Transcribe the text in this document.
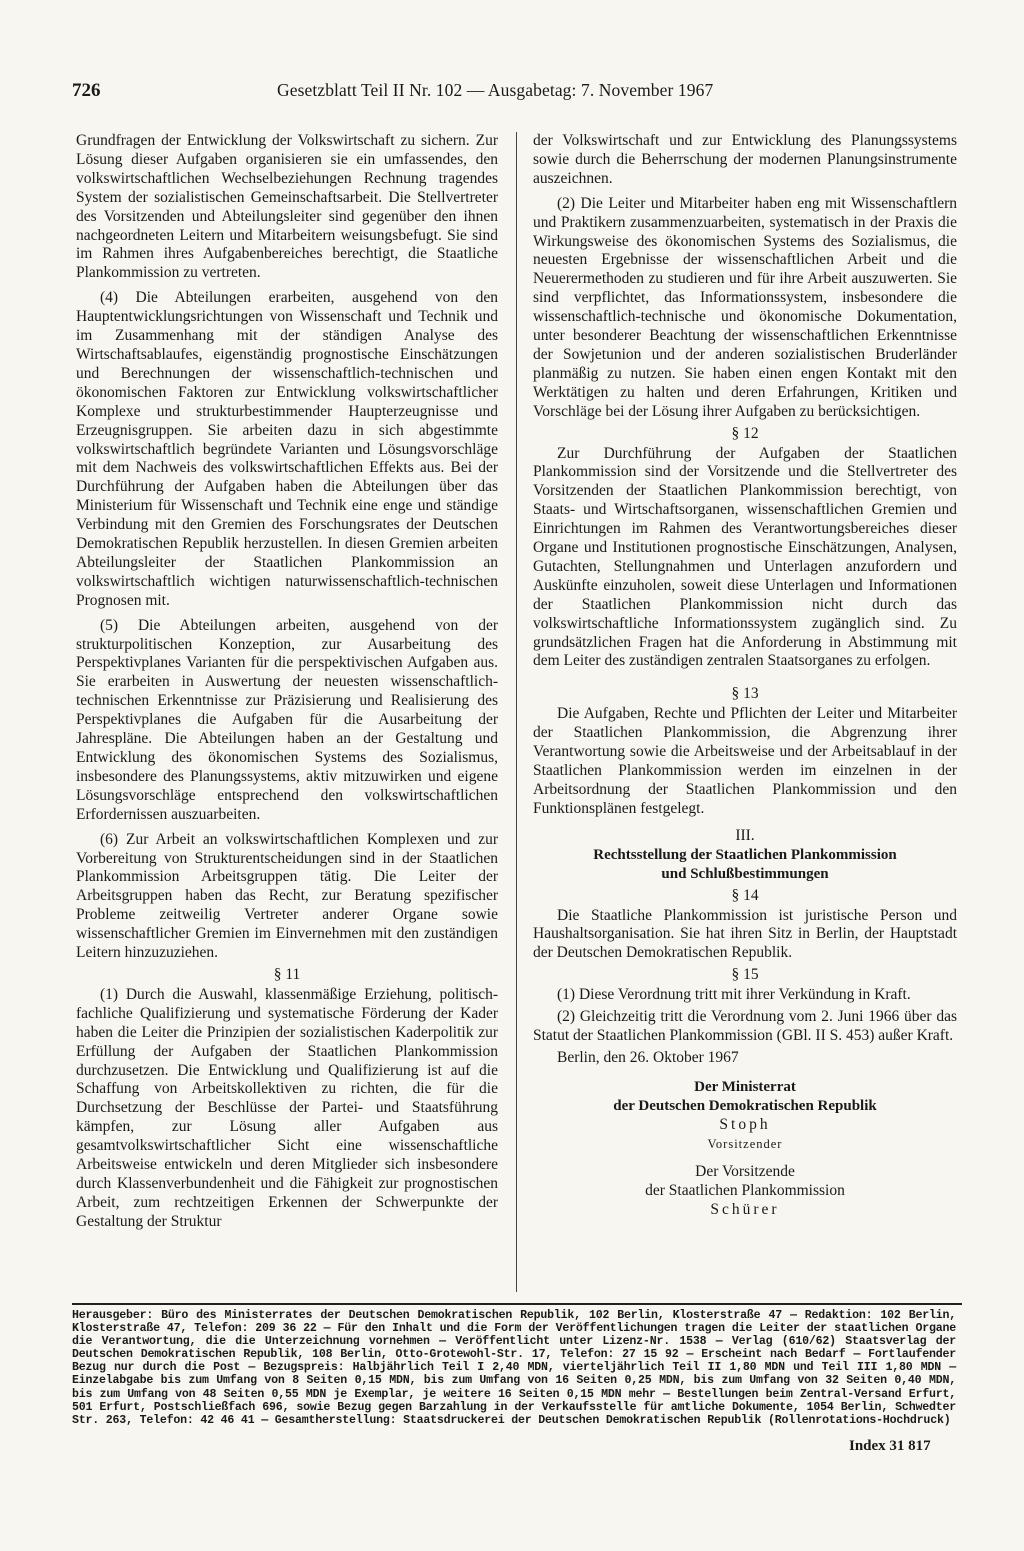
726	Gesetzblatt Teil II Nr. 102 — Ausgabetag: 7. November 1967

Grundfragen der Entwicklung der Volkswirtschaft zu sichern. Zur Lösung dieser Aufgaben organisieren sie ein umfassendes, den volkswirtschaftlichen Wechselbeziehungen Rechnung tragendes System der sozialistischen Gemeinschaftsarbeit. Die Stellvertreter des Vorsitzenden und Abteilungsleiter sind gegenüber den ihnen nachgeordneten Leitern und Mitarbeitern weisungsbefugt. Sie sind im Rahmen ihres Aufgabenbereiches berechtigt, die Staatliche Plankommission zu vertreten.

(4) Die Abteilungen erarbeiten, ausgehend von den Hauptentwicklungsrichtungen von Wissenschaft und Technik und im Zusammenhang mit der ständigen Analyse des Wirtschaftsablaufes, eigenständig prognostische Einschätzungen und Berechnungen der wissenschaftlich-technischen und ökonomischen Faktoren zur Entwicklung volkswirtschaftlicher Komplexe und strukturbestimmender Haupterzeugnisse und Erzeugnisgruppen. Sie arbeiten dazu in sich abgestimmte volkswirtschaftlich begründete Varianten und Lösungsvorschläge mit dem Nachweis des volkswirtschaftlichen Effekts aus. Bei der Durchführung der Aufgaben haben die Abteilungen über das Ministerium für Wissenschaft und Technik eine enge und ständige Verbindung mit den Gremien des Forschungsrates der Deutschen Demokratischen Republik herzustellen. In diesen Gremien arbeiten Abteilungsleiter der Staatlichen Plankommission an volkswirtschaftlich wichtigen naturwissenschaftlich-technischen Prognosen mit.

(5) Die Abteilungen arbeiten, ausgehend von der strukturpolitischen Konzeption, zur Ausarbeitung des Perspektivplanes Varianten für die perspektivischen Aufgaben aus. Sie erarbeiten in Auswertung der neuesten wissenschaftlich-technischen Erkenntnisse zur Präzisierung und Realisierung des Perspektivplanes die Aufgaben für die Ausarbeitung der Jahrespläne. Die Abteilungen haben an der Gestaltung und Entwicklung des ökonomischen Systems des Sozialismus, insbesondere des Planungssystems, aktiv mitzuwirken und eigene Lösungsvorschläge entsprechend den volkswirtschaftlichen Erfordernissen auszuarbeiten.

(6) Zur Arbeit an volkswirtschaftlichen Komplexen und zur Vorbereitung von Strukturentscheidungen sind in der Staatlichen Plankommission Arbeitsgruppen tätig. Die Leiter der Arbeitsgruppen haben das Recht, zur Beratung spezifischer Probleme zeitweilig Vertreter anderer Organe sowie wissenschaftlicher Gremien im Einvernehmen mit den zuständigen Leitern hinzuzuziehen.

§ 11

(1) Durch die Auswahl, klassenmäßige Erziehung, politisch-fachliche Qualifizierung und systematische Förderung der Kader haben die Leiter die Prinzipien der sozialistischen Kaderpolitik zur Erfüllung der Aufgaben der Staatlichen Plankommission durchzusetzen. Die Entwicklung und Qualifizierung ist auf die Schaffung von Arbeitskollektiven zu richten, die für die Durchsetzung der Beschlüsse der Partei- und Staatsführung kämpfen, zur Lösung aller Aufgaben aus gesamtvolkswirtschaftlicher Sicht eine wissenschaftliche Arbeitsweise entwickeln und deren Mitglieder sich insbesondere durch Klassenverbundenheit und die Fähigkeit zur prognostischen Arbeit, zum rechtzeitigen Erkennen der Schwerpunkte der Gestaltung der Struktur

der Volkswirtschaft und zur Entwicklung des Planungssystems sowie durch die Beherrschung der modernen Planungsinstrumente auszeichnen.

(2) Die Leiter und Mitarbeiter haben eng mit Wissenschaftlern und Praktikern zusammenzuarbeiten, systematisch in der Praxis die Wirkungsweise des ökonomischen Systems des Sozialismus, die neuesten Ergebnisse der wissenschaftlichen Arbeit und die Neuerermethoden zu studieren und für ihre Arbeit auszuwerten. Sie sind verpflichtet, das Informationssystem, insbesondere die wissenschaftlich-technische und ökonomische Dokumentation, unter besonderer Beachtung der wissenschaftlichen Erkenntnisse der Sowjetunion und der anderen sozialistischen Bruderländer planmäßig zu nutzen. Sie haben einen engen Kontakt mit den Werktätigen zu halten und deren Erfahrungen, Kritiken und Vorschläge bei der Lösung ihrer Aufgaben zu berücksichtigen.

§ 12

Zur Durchführung der Aufgaben der Staatlichen Plankommission sind der Vorsitzende und die Stellvertreter des Vorsitzenden der Staatlichen Plankommission berechtigt, von Staats- und Wirtschaftsorganen, wissenschaftlichen Gremien und Einrichtungen im Rahmen des Verantwortungsbereiches dieser Organe und Institutionen prognostische Einschätzungen, Analysen, Gutachten, Stellungnahmen und Unterlagen anzufordern und Auskünfte einzuholen, soweit diese Unterlagen und Informationen der Staatlichen Plankommission nicht durch das volkswirtschaftliche Informationssystem zugänglich sind. Zu grundsätzlichen Fragen hat die Anforderung in Abstimmung mit dem Leiter des zuständigen zentralen Staatsorganes zu erfolgen.

§ 13

Die Aufgaben, Rechte und Pflichten der Leiter und Mitarbeiter der Staatlichen Plankommission, die Abgrenzung ihrer Verantwortung sowie die Arbeitsweise und der Arbeitsablauf in der Staatlichen Plankommission werden im einzelnen in der Arbeitsordnung der Staatlichen Plankommission und den Funktionsplänen festgelegt.

III.
Rechtsstellung der Staatlichen Plankommission
und Schlußbestimmungen
§ 14

Die Staatliche Plankommission ist juristische Person und Haushaltsorganisation. Sie hat ihren Sitz in Berlin, der Hauptstadt der Deutschen Demokratischen Republik.

§ 15

(1) Diese Verordnung tritt mit ihrer Verkündung in Kraft.

(2) Gleichzeitig tritt die Verordnung vom 2. Juni 1966 über das Statut der Staatlichen Plankommission (GBl. II S. 453) außer Kraft.

Berlin, den 26. Oktober 1967

Der Ministerrat
der Deutschen Demokratischen Republik
Stoph
Vorsitzender
Der Vorsitzende
der Staatlichen Plankommission
Schürer
Herausgeber: Büro des Ministerrates der Deutschen Demokratischen Republik, 102 Berlin, Klosterstraße 47 — Redaktion: 102 Berlin, Klosterstraße 47, Telefon: 209 36 22 — Für den Inhalt und die Form der Veröffentlichungen tragen die Leiter der staatlichen Organe die Verantwortung, die die Unterzeichnung vornehmen — Veröffentlicht unter Lizenz-Nr. 1538 — Verlag (610/62) Staatsverlag der Deutschen Demokratischen Republik, 108 Berlin, Otto-Grotewohl-Str. 17, Telefon: 27 15 92 — Erscheint nach Bedarf — Fortlaufender Bezug nur durch die Post — Bezugspreis: Halbjährlich Teil I 2,40 MDN, vierteljährlich Teil II 1,80 MDN und Teil III 1,80 MDN — Einzelabgabe bis zum Umfang von 8 Seiten 0,15 MDN, bis zum Umfang von 16 Seiten 0,25 MDN, bis zum Umfang von 32 Seiten 0,40 MDN, bis zum Umfang von 48 Seiten 0,55 MDN je Exemplar, je weitere 16 Seiten 0,15 MDN mehr — Bestellungen beim Zentral-Versand Erfurt, 501 Erfurt, Postschließfach 696, sowie Bezug gegen Barzahlung in der Verkaufsstelle für amtliche Dokumente, 1054 Berlin, Schwedter Str. 263, Telefon: 42 46 41 — Gesamtherstellung: Staatsdruckerei der Deutschen Demokratischen Republik (Rollenrotations-Hochdruck)
Index 31 817
